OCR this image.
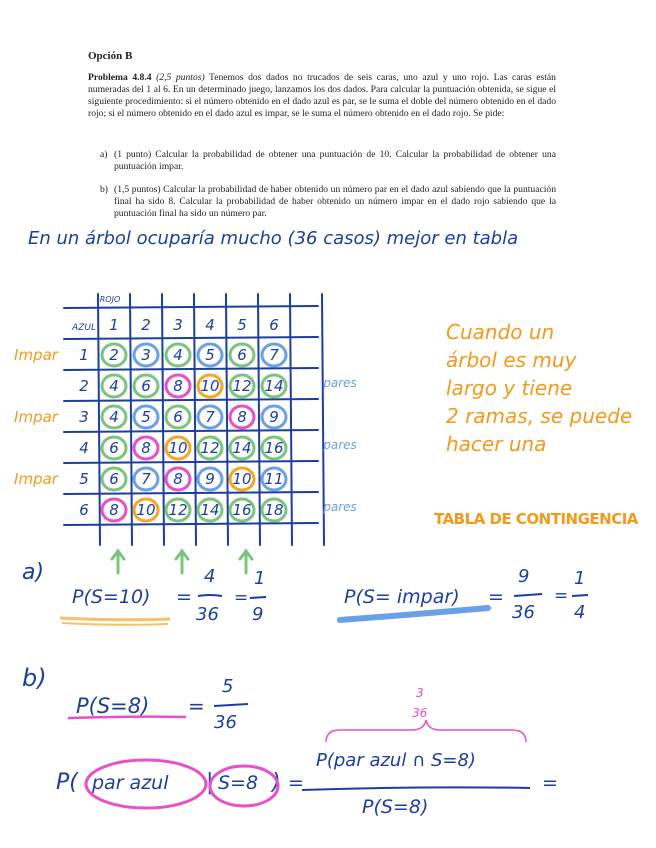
Opción B

Problema 4.8.4 (2,5 puntos) Tenemos dos dados no trucados de seis caras, uno azul y uno rojo. Las caras están numeradas del 1 al 6. En un determinado juego, lanzamos los dos dados. Para calcular la puntuación obtenida, se sigue el siguiente procedimiento: si el número obtenido en el dado azul es par, se le suma el doble del número obtenido en el dado rojo; si el número obtenido en el dado azul es impar, se le suma el número obtenido en el dado rojo. Se pide:

a) (1 punto) Calcular la probabilidad de obtener una puntuación de 10. Calcular la probabilidad de obtener una puntuación impar.
b) (1,5 puntos) Calcular la probabilidad de haber obtenido un número par en el dado azul sabiendo que la puntuación final ha sido 8. Calcular la probabilidad de haber obtenido un número impar en el dado rojo sabiendo que la puntuación final ha sido un número par.
En un árbol ocuparía mucho (36 casos) mejor en tabla
ROJO
AZUL 1 2 3 4 5 6
1
2
3
4
5
6
2 3 4 5 6 7
4 6 8 10 12 14
4 5 6 7 8 9
6 8 10 12 14 16
6 7 8 9 10 11
8 10 12 14 16 18
Impar
Impar
Impar
pares
pares
pares
Cuando un
árbol es muy
largo y tiene
2 ramas, se puede
hacer una
TABLA DE CONTINGENCIA
a)
P(S=10) =
4
36
=
1
9
P(S= impar) =
9
36
=
1
4
b)
P(S=8) =
5
36
3
36
P( par azul | S=8 ) =
P(par azul ∩ S=8)
P(S=8)
=
